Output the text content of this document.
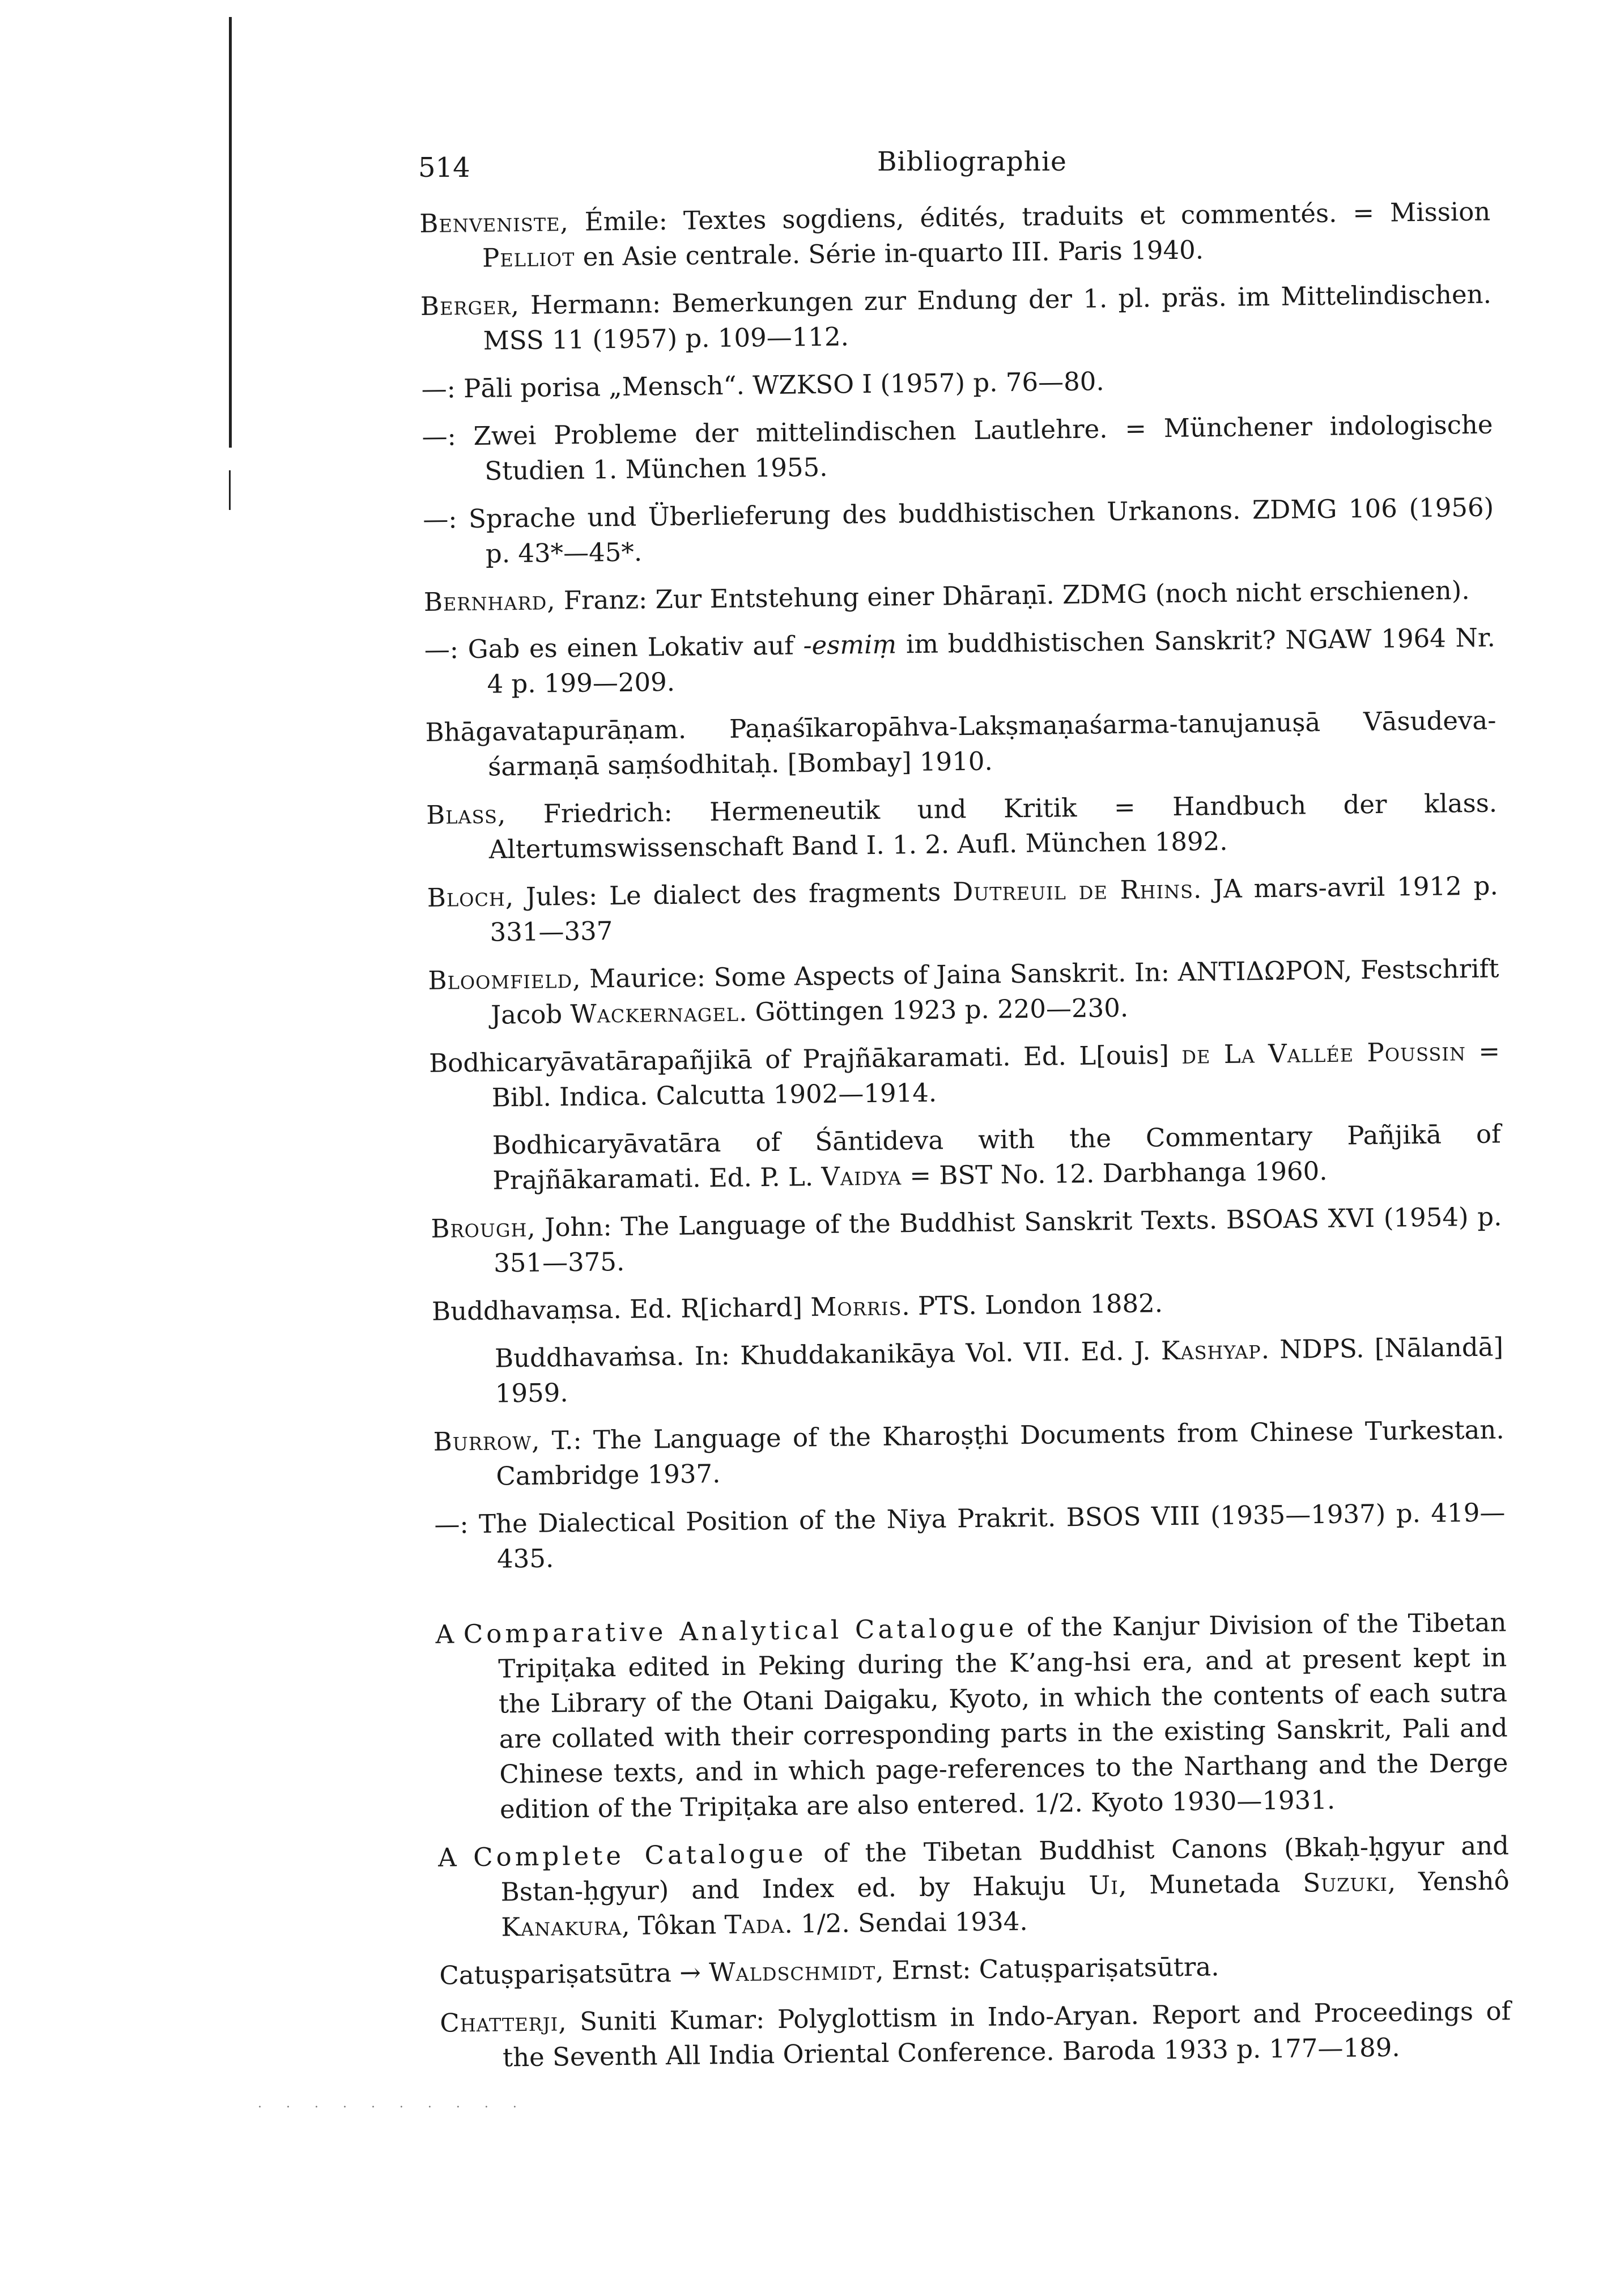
514	Bibliographie

Benveniste, Émile: Textes sogdiens, édités, traduits et commentés. = Mission Pelliot en Asie centrale. Série in-quarto III. Paris 1940.

Berger, Hermann: Bemerkungen zur Endung der 1. pl. präs. im Mittelindischen. MSS 11 (1957) p. 109—112.

—: Pāli porisa „Mensch“. WZKSO I (1957) p. 76—80.

—: Zwei Probleme der mittelindischen Lautlehre. = Münchener indologische Studien 1. München 1955.

—: Sprache und Überlieferung des buddhistischen Urkanons. ZDMG 106 (1956) p. 43*—45*.

Bernhard, Franz: Zur Entstehung einer Dhāraṇī. ZDMG (noch nicht erschienen).

—: Gab es einen Lokativ auf -esmiṃ im buddhistischen Sanskrit? NGAW 1964 Nr. 4 p. 199—209.

Bhāgavatapurāṇam. Paṇaśīkaropāhva-Lakṣmaṇaśarma-tanujanuṣā Vāsudeva-śarmaṇā saṃśodhitaḥ. [Bombay] 1910.

Blass, Friedrich: Hermeneutik und Kritik = Handbuch der klass. Altertumswissenschaft Band I. 1. 2. Aufl. München 1892.

Bloch, Jules: Le dialect des fragments Dutreuil de Rhins. JA mars-avril 1912 p. 331—337

Bloomfield, Maurice: Some Aspects of Jaina Sanskrit. In: ANTIΔΩPON, Festschrift Jacob Wackernagel. Göttingen 1923 p. 220—230.

Bodhicaryāvatārapañjikā of Prajñākaramati. Ed. L[ouis] de La Vallée Poussin = Bibl. Indica. Calcutta 1902—1914.

Bodhicaryāvatāra of Śāntideva with the Commentary Pañjikā of Prajñākaramati. Ed. P. L. Vaidya = BST No. 12. Darbhanga 1960.

Brough, John: The Language of the Buddhist Sanskrit Texts. BSOAS XVI (1954) p. 351—375.

Buddhavaṃsa. Ed. R[ichard] Morris. PTS. London 1882.

Buddhavaṁsa. In: Khuddakanikāya Vol. VII. Ed. J. Kashyap. NDPS. [Nālandā] 1959.

Burrow, T.: The Language of the Kharoṣṭhi Documents from Chinese Turkestan. Cambridge 1937.

—: The Dialectical Position of the Niya Prakrit. BSOS VIII (1935—1937) p. 419—435.

A Comparative Analytical Catalogue of the Kanjur Division of the Tibetan Tripiṭaka edited in Peking during the K’ang-hsi era, and at present kept in the Library of the Otani Daigaku, Kyoto, in which the contents of each sutra are collated with their corresponding parts in the existing Sanskrit, Pali and Chinese texts, and in which page-references to the Narthang and the Derge edition of the Tripiṭaka are also entered. 1/2. Kyoto 1930—1931.

A Complete Catalogue of the Tibetan Buddhist Canons (Bkaḥ-ḥgyur and Bstan-ḥgyur) and Index ed. by Hakuju Ui, Munetada Suzuki, Yenshô Kanakura, Tôkan Tada. 1/2. Sendai 1934.

Catuṣpariṣatsūtra → Waldschmidt, Ernst: Catuṣpariṣatsūtra.

Chatterji, Suniti Kumar: Polyglottism in Indo-Aryan. Report and Proceedings of the Seventh All India Oriental Conference. Baroda 1933 p. 177—189.

. . . . . . . . . .
